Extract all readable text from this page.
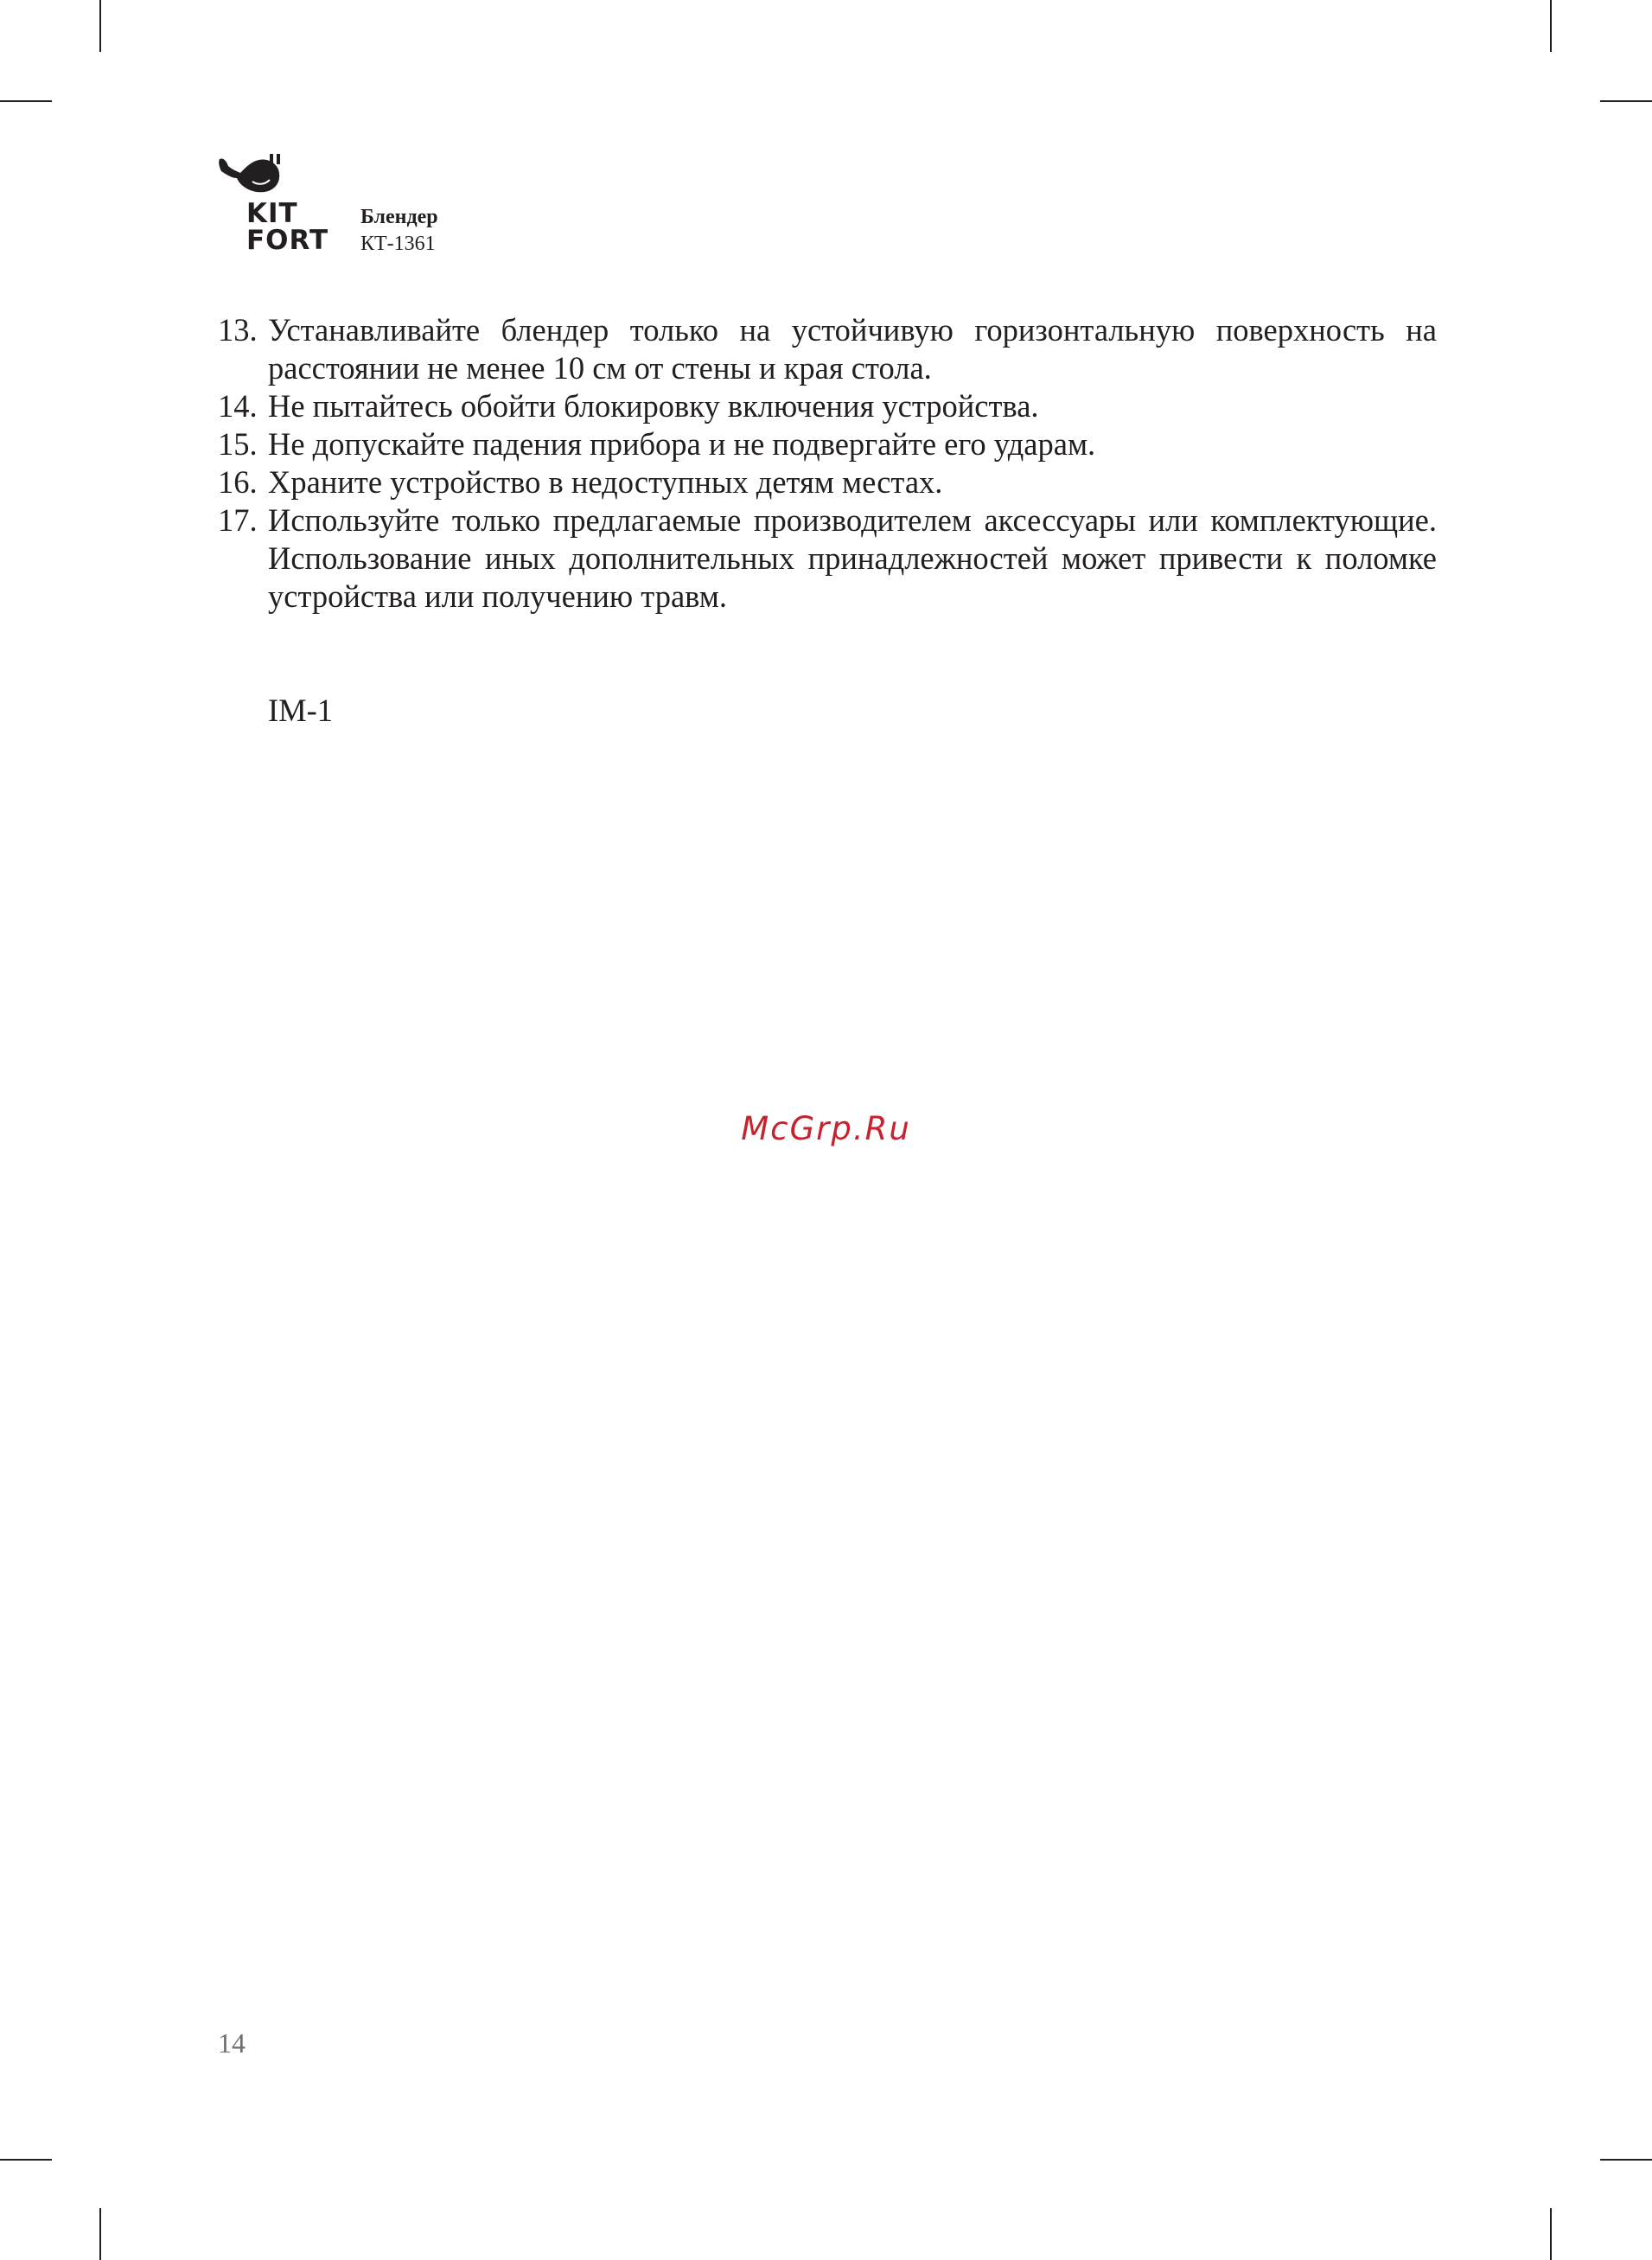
KIT
FORT
Блендер
КТ-1361
13. Устанавливайте блендер только на устойчивую горизонтальную поверхность на расстоянии не менее 10 см от стены и края стола.
14. Не пытайтесь обойти блокировку включения устройства.
15. Не допускайте падения прибора и не подвергайте его ударам.
16. Храните устройство в недоступных детям местах.
17. Используйте только предлагаемые производителем аксессуары или комплектующие. Использование иных дополнительных принадлежностей может привести к поломке устройства или получению травм.
IM-1
McGrp.Ru
14
